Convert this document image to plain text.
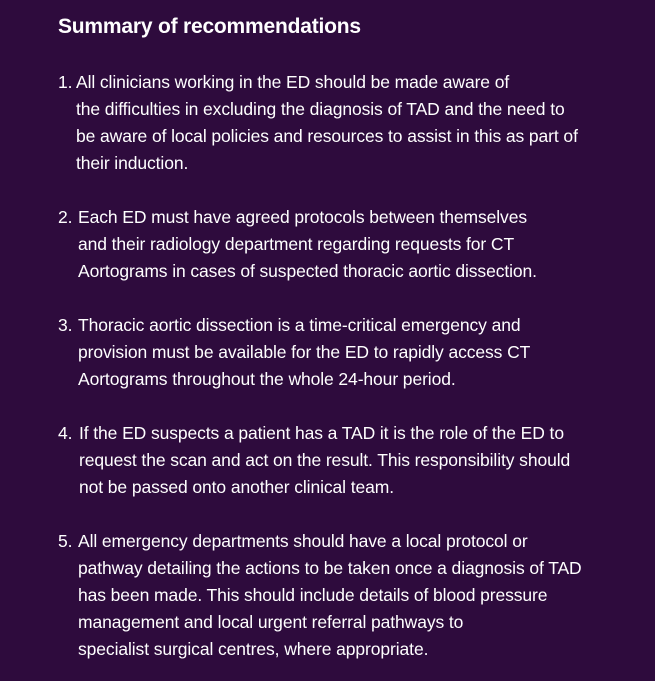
Summary of recommendations
1. All clinicians working in the ED should be made aware of
the difficulties in excluding the diagnosis of TAD and the need to
be aware of local policies and resources to assist in this as part of
their induction.
2. Each ED must have agreed protocols between themselves
and their radiology department regarding requests for CT
Aortograms in cases of suspected thoracic aortic dissection.
3. Thoracic aortic dissection is a time-critical emergency and
provision must be available for the ED to rapidly access CT
Aortograms throughout the whole 24-hour period.
4. If the ED suspects a patient has a TAD it is the role of the ED to
request the scan and act on the result. This responsibility should
not be passed onto another clinical team.
5. All emergency departments should have a local protocol or
pathway detailing the actions to be taken once a diagnosis of TAD
has been made. This should include details of blood pressure
management and local urgent referral pathways to
specialist surgical centres, where appropriate.
